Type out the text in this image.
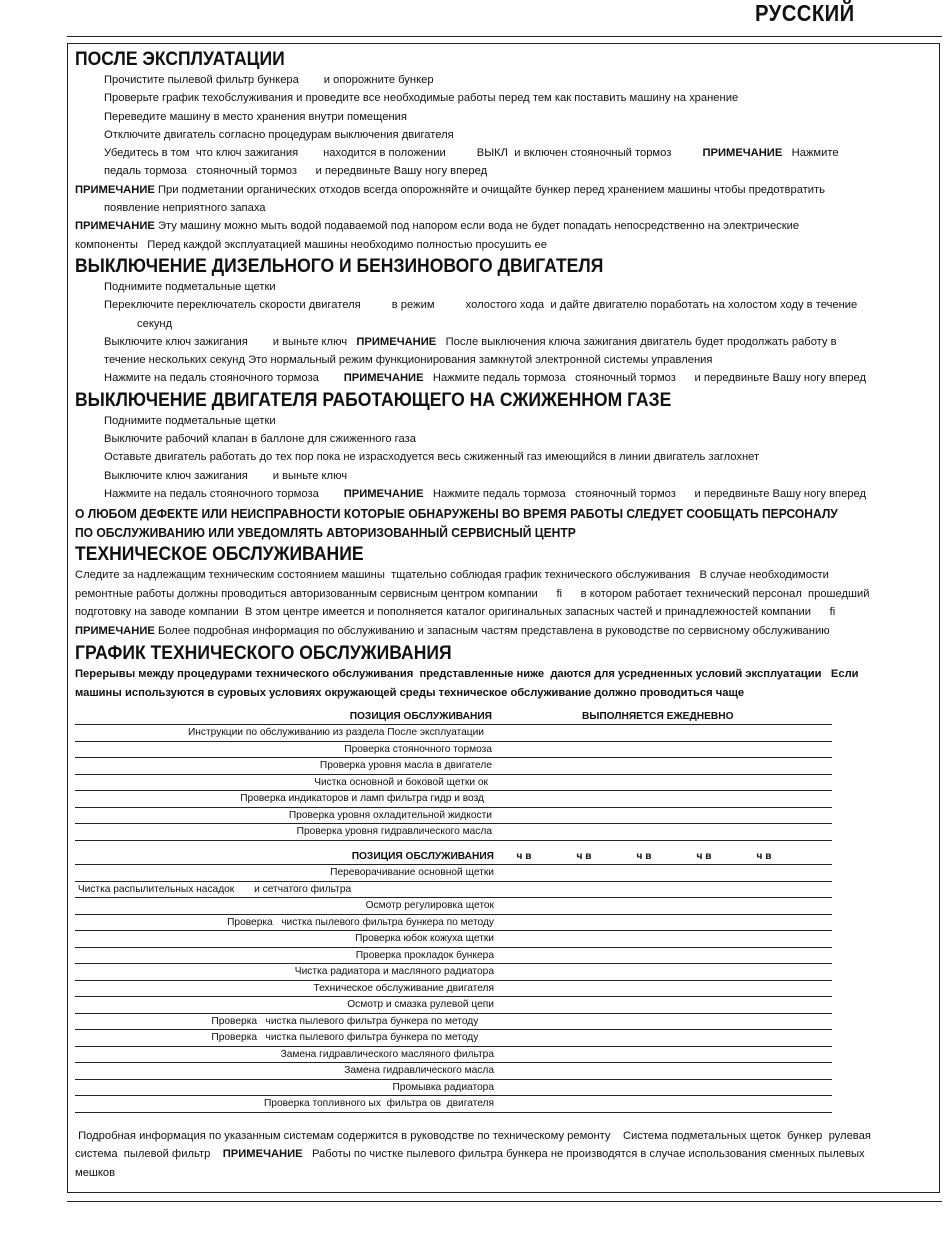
РУССКИЙ
ПОСЛЕ ЭКСПЛУАТАЦИИ
Прочистите пылевой фильтр бункера        и опорожните бункер
Проверьте график техобслуживания и проведите все необходимые работы перед тем как поставить машину на хранение
Переведите машину в место хранения внутри помещения
Отключите двигатель согласно процедурам выключения двигателя
Убедитесь в том  что ключ зажигания        находится в положении          ВЫКЛ  и включен стояночный тормоз	ПРИМЕЧАНИЕ Нажмите
педаль тормоза   стояночный тормоз      и передвиньте Вашу ногу вперед
ПРИМЕЧАНИЕ При подметании органических отходов всегда опорожняйте и очищайте бункер перед хранением машины чтобы предотвратить
появление неприятного запаха
ПРИМЕЧАНИЕ Эту машину можно мыть водой подаваемой под напором если вода не будет попадать непосредственно на электрические
компоненты   Перед каждой эксплуатацией машины необходимо полностью просушить ее
ВЫКЛЮЧЕНИЕ ДИЗЕЛЬНОГО И БЕНЗИНОВОГО ДВИГАТЕЛЯ
Поднимите подметальные щетки
Переключите переключатель скорости двигателя          в режим          холостого хода  и дайте двигателю поработать на холостом ходу в течение
секунд
Выключите ключ зажигания        и выньте ключ ПРИМЕЧАНИЕ После выключения ключа зажигания двигатель будет продолжать работу в
течение нескольких секунд Это нормальный режим функционирования замкнутой электронной системы управления
Нажмите на педаль стояночного тормоза ПРИМЕЧАНИЕ Нажмите педаль тормоза   стояночный тормоз      и передвиньте Вашу ногу вперед
ВЫКЛЮЧЕНИЕ ДВИГАТЕЛЯ РАБОТАЮЩЕГО НА СЖИЖЕННОМ ГАЗЕ
Поднимите подметальные щетки
Выключите рабочий клапан в баллоне для сжиженного газа
Оставьте двигатель работать до тех пор пока не израсходуется весь сжиженный газ имеющийся в линии двигатель заглохнет
Выключите ключ зажигания        и выньте ключ
Нажмите на педаль стояночного тормоза ПРИМЕЧАНИЕ Нажмите педаль тормоза   стояночный тормоз      и передвиньте Вашу ногу вперед
О ЛЮБОМ ДЕФЕКТЕ ИЛИ НЕИСПРАВНОСТИ КОТОРЫЕ ОБНАРУЖЕНЫ ВО ВРЕМЯ РАБОТЫ СЛЕДУЕТ СООБЩАТЬ ПЕРСОНАЛУ
ПО ОБСЛУЖИВАНИЮ ИЛИ УВЕДОМЛЯТЬ АВТОРИЗОВАННЫЙ СЕРВИСНЫЙ ЦЕНТР
ТЕХНИЧЕСКОЕ ОБСЛУЖИВАНИЕ
Следите за надлежащим техническим состоянием машины  тщательно соблюдая график технического обслуживания   В случае необходимости
ремонтные работы должны проводиться авторизованным сервисным центром компании      fi      в котором работает технический персонал  прошедший
подготовку на заводе компании  В этом центре имеется и пополняется каталог оригинальных запасных частей и принадлежностей компании      fi
ПРИМЕЧАНИЕ Более подробная информация по обслуживанию и запасным частям представлена в руководстве по сервисному обслуживанию
ГРАФИК ТЕХНИЧЕСКОГО ОБСЛУЖИВАНИЯ
Перерывы между процедурами технического обслуживания  представленные ниже  даются для усредненных условий эксплуатации   Если
машины используются в суровых условиях окружающей среды техническое обслуживание должно проводиться чаще
ПОЗИЦИЯ ОБСЛУЖИВАНИЯ	ВЫПОЛНЯЕТСЯ ЕЖЕДНЕВНО
Инструкции по обслуживанию из раздела После эксплуатации	
Проверка стояночного тормоза	
Проверка уровня масла в двигателе	
Чистка основной и боковой щетки ок	
Проверка индикаторов и ламп фильтра гидр и возд	
Проверка уровня охладительной жидкости	
Проверка уровня гидравлического масла	
ПОЗИЦИЯ ОБСЛУЖИВАНИЯ	ч в	ч в	ч в	ч в	ч в	
Переворачивание основной щетки						
Чистка распылительных насадок       и сетчатого фильтра						
Осмотр регулировка щеток						
Проверка   чистка пылевого фильтра бункера по методу						
Проверка юбок кожуха щетки						
Проверка прокладок бункера						
Чистка радиатора и масляного радиатора						
Техническое обслуживание двигателя						
Осмотр и смазка рулевой цепи						
Проверка   чистка пылевого фильтра бункера по методу						
Проверка   чистка пылевого фильтра бункера по методу						
Замена гидравлического масляного фильтра						
Замена гидравлического масла						
Промывка радиатора						
Проверка топливного ых  фильтра ов  двигателя						
Подробная информация по указанным системам содержится в руководстве по техническому ремонту    Система подметальных щеток  бункер  рулевая
система  пылевой фильтр    ПРИМЕЧАНИЕ Работы по чистке пылевого фильтра бункера не производятся в случае использования сменных пылевых
мешков
